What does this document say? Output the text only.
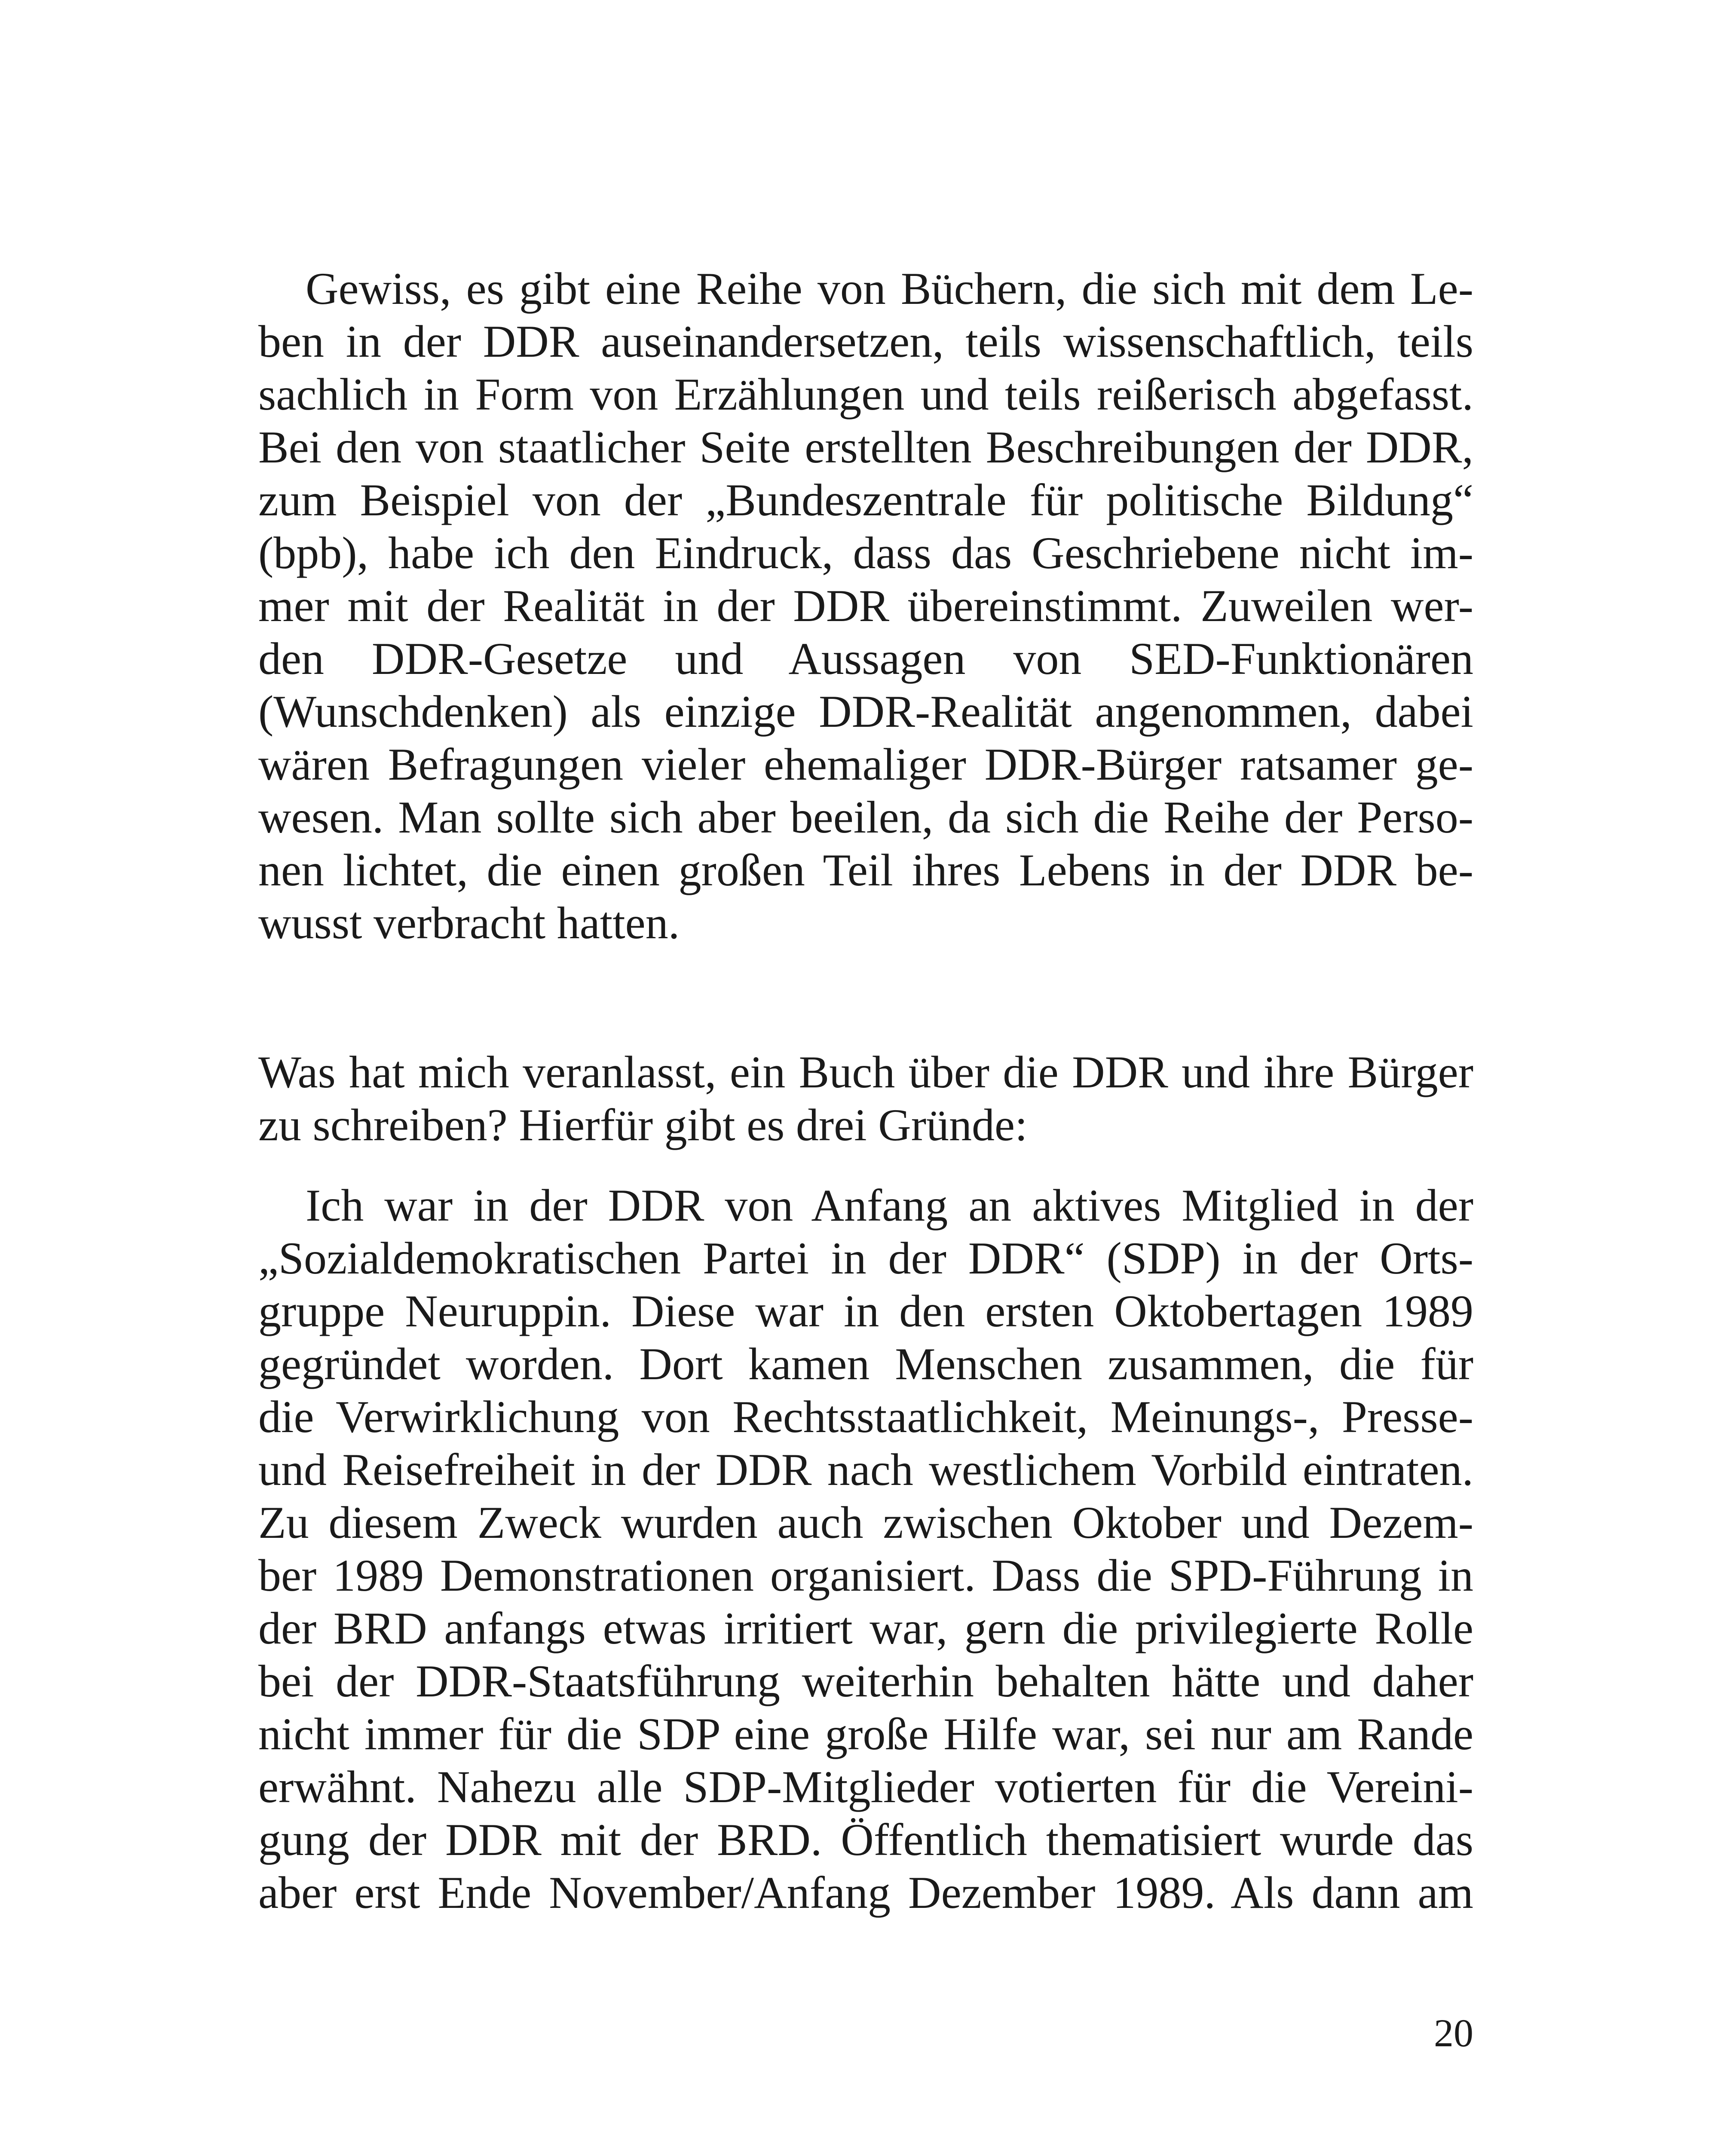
Gewiss, es gibt eine Reihe von Büchern, die sich mit dem Le-
ben in der DDR auseinandersetzen, teils wissenschaftlich, teils
sachlich in Form von Erzählungen und teils reißerisch abgefasst.
Bei den von staatlicher Seite erstellten Beschreibungen der DDR,
zum Beispiel von der „Bundeszentrale für politische Bildung“
(bpb), habe ich den Eindruck, dass das Geschriebene nicht im-
mer mit der Realität in der DDR übereinstimmt. Zuweilen wer-
den DDR-Gesetze und Aussagen von SED-Funktionären
(Wunschdenken) als einzige DDR-Realität angenommen, dabei
wären Befragungen vieler ehemaliger DDR-Bürger ratsamer ge-
wesen. Man sollte sich aber beeilen, da sich die Reihe der Perso-
nen lichtet, die einen großen Teil ihres Lebens in der DDR be-
wusst verbracht hatten.
Was hat mich veranlasst, ein Buch über die DDR und ihre Bürger
zu schreiben? Hierfür gibt es drei Gründe:
Ich war in der DDR von Anfang an aktives Mitglied in der
„Sozialdemokratischen Partei in der DDR“ (SDP) in der Orts-
gruppe Neuruppin. Diese war in den ersten Oktobertagen 1989
gegründet worden. Dort kamen Menschen zusammen, die für
die Verwirklichung von Rechtsstaatlichkeit, Meinungs-, Presse-
und Reisefreiheit in der DDR nach westlichem Vorbild eintraten.
Zu diesem Zweck wurden auch zwischen Oktober und Dezem-
ber 1989 Demonstrationen organisiert. Dass die SPD-Führung in
der BRD anfangs etwas irritiert war, gern die privilegierte Rolle
bei der DDR-Staatsführung weiterhin behalten hätte und daher
nicht immer für die SDP eine große Hilfe war, sei nur am Rande
erwähnt. Nahezu alle SDP-Mitglieder votierten für die Vereini-
gung der DDR mit der BRD. Öffentlich thematisiert wurde das
aber erst Ende November/Anfang Dezember 1989. Als dann am
20
